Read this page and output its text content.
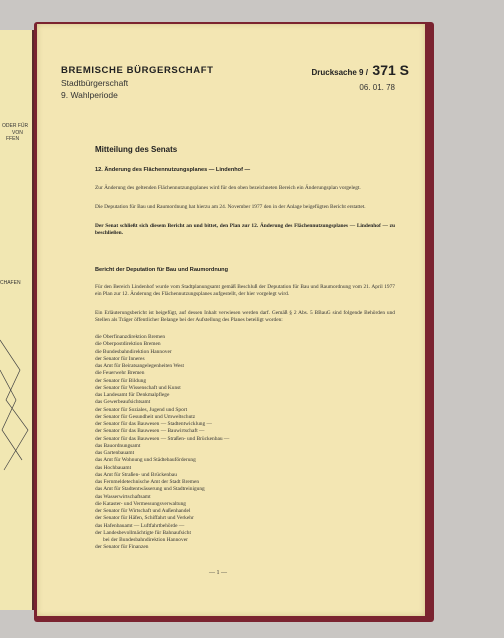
ODER FÜR
VON
FFEN
CHAFEN
BREMISCHE BÜRGERSCHAFT
Stadtbürgerschaft
9. Wahlperiode
Drucksache 9 / 371 S
06. 01. 78
Mitteilung des Senats
12. Änderung des Flächennutzungsplanes — Lindenhof —

Zur Änderung des geltenden Flächennutzungsplanes wird für den oben bezeichneten Bereich ein Änderungsplan vorgelegt.

Die Deputation für Bau und Raumordnung hat hierzu am 24. November 1977 den in der Anlage beigefügten Bericht erstattet.

Der Senat schließt sich diesem Bericht an und bittet, den Plan zur 12. Änderung des Flächennutzungsplanes — Lindenhof — zu beschließen.

Bericht der Deputation für Bau und Raumordnung

Für den Bereich Lindenhof wurde vom Stadtplanungsamt gemäß Beschluß der Deputation für Bau und Raumordnung vom 21. April 1977 ein Plan zur 12. Änderung des Flächennutzungsplanes aufgestellt, der hier vorgelegt wird.

Ein Erläuterungsbericht ist beigefügt, auf dessen Inhalt verwiesen werden darf. Gemäß § 2 Abs. 5 BBauG sind folgende Behörden und Stellen als Träger öffentlicher Belange bei der Aufstellung des Planes beteiligt worden:

die Oberfinanzdirektion Bremen
die Oberpostdirektion Bremen
die Bundesbahndirektion Hannover
der Senator für Inneres
das Amt für Beiratsangelegenheiten West
die Feuerwehr Bremen
der Senator für Bildung
der Senator für Wissenschaft und Kunst
das Landesamt für Denkmalpflege
das Gewerbeaufsichtsamt
der Senator für Soziales, Jugend und Sport
der Senator für Gesundheit und Umweltschutz
der Senator für das Bauwesen — Stadtentwicklung —
der Senator für das Bauwesen — Bauwirtschaft —
der Senator für das Bauwesen — Straßen- und Brückenbau —
das Bauordnungsamt
das Gartenbauamt
das Amt für Wohnung und Städtebauförderung
das Hochbauamt
das Amt für Straßen- und Brückenbau
das Fernmeldetechnische Amt der Stadt Bremen
das Amt für Stadtentwässerung und Stadtreinigung
das Wasserwirtschaftsamt
die Kataster- und Vermessungsverwaltung
der Senator für Wirtschaft und Außenhandel
der Senator für Häfen, Schiffahrt und Verkehr
das Hafenbauamt — Luftfahrtbehörde —
der Landesbevollmächtigte für Bahnaufsicht
bei der Bundesbahndirektion Hannover
der Senator für Finanzen
— 1 —
